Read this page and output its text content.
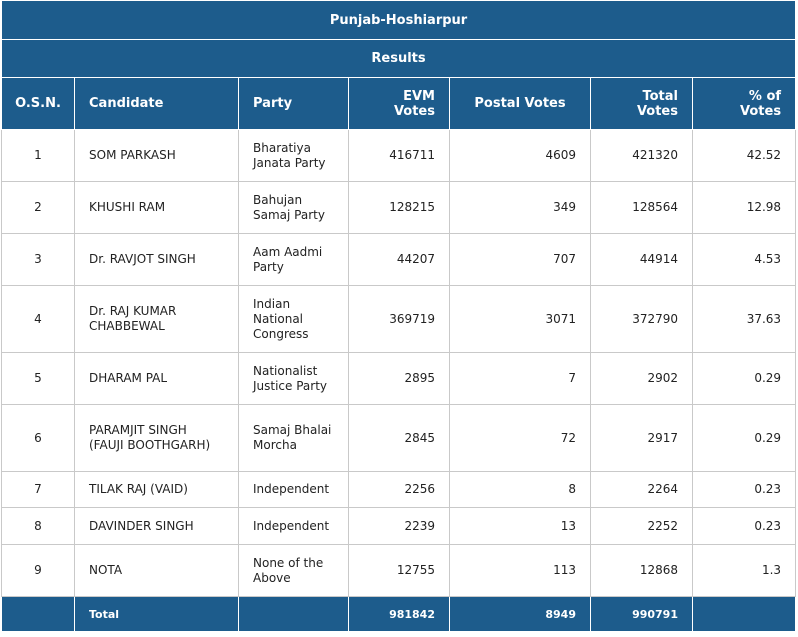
Punjab-Hoshiarpur						
Results						
O.S.N.	Candidate	Party	EVM Votes	Postal Votes	Total Votes	% of Votes
1	SOM PARKASH	Bharatiya Janata Party	416711	4609	421320	42.52
2	KHUSHI RAM	Bahujan Samaj Party	128215	349	128564	12.98
3	Dr. RAVJOT SINGH	Aam Aadmi Party	44207	707	44914	4.53
4	Dr. RAJ KUMAR CHABBEWAL	Indian National Congress	369719	3071	372790	37.63
5	DHARAM PAL	Nationalist Justice Party	2895	7	2902	0.29
6	PARAMJIT SINGH (FAUJI BOOTHGARH)	Samaj Bhalai Morcha	2845	72	2917	0.29
7	TILAK RAJ (VAID)	Independent	2256	8	2264	0.23
8	DAVINDER SINGH	Independent	2239	13	2252	0.23
9	NOTA	None of the Above	12755	113	12868	1.3
	Total		981842	8949	990791	
